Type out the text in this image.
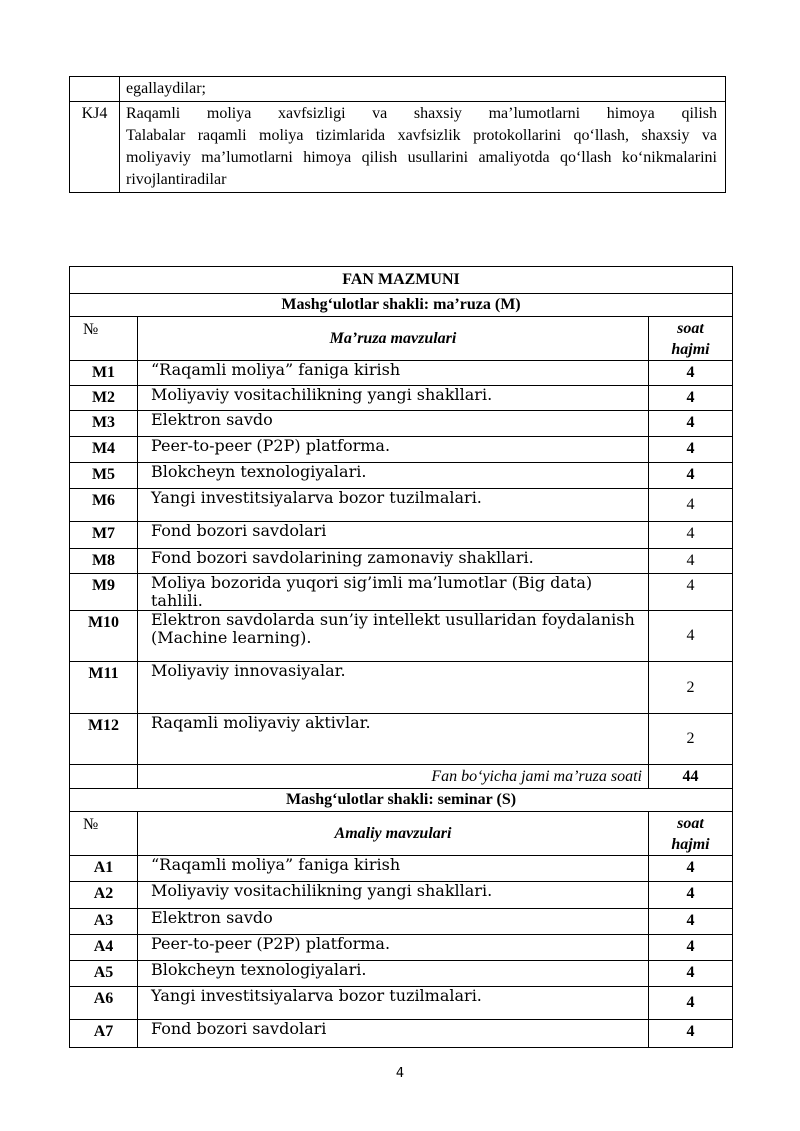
	egallaydilar;

KJ4	Raqamli moliya xavfsizligi va shaxsiy ma’lumotlarni himoya qilish

Talabalar raqamli moliya tizimlarida xavfsizlik protokollarini qo‘llash, shaxsiy va moliyaviy ma’lumotlarni himoya qilish usullarini amaliyotda qo‘llash ko‘nikmalarini rivojlantiradilar

FAN MAZMUNI		
Mashg‘ulotlar shakli: ma’ruza (M)		
№	Ma’ruza mavzulari	soat
hajmi

M1	“Raqamli moliya” faniga kirish	4
M2	Moliyaviy vositachilikning yangi shakllari.	4
M3	Elektron savdo	4
M4	Peer-to-peer (P2P) platforma.	4
M5	Blokcheyn texnologiyalari.	4
M6	Yangi investitsiyalarva bozor tuzilmalari.	4
M7	Fond bozori savdolari	4
M8	Fond bozori savdolarining zamonaviy shakllari.	4
M9	Moliya bozorida yuqori sig’imli ma’lumotlar (Big data) tahlili.	4
M10	Elektron savdolarda sun’iy intellekt usullaridan foydalanish (Machine learning).	4
M11	Moliyaviy innovasiyalar.	2
M12	Raqamli moliyaviy aktivlar.	2
	Fan bo‘yicha jami ma’ruza soati	44
Mashg‘ulotlar shakli: seminar (S)		
№	Amaliy mavzulari	soat
hajmi

A1	“Raqamli moliya” faniga kirish	4
A2	Moliyaviy vositachilikning yangi shakllari.	4
A3	Elektron savdo	4
A4	Peer-to-peer (P2P) platforma.	4
A5	Blokcheyn texnologiyalari.	4
A6	Yangi investitsiyalarva bozor tuzilmalari.	4
A7	Fond bozori savdolari	4
4
